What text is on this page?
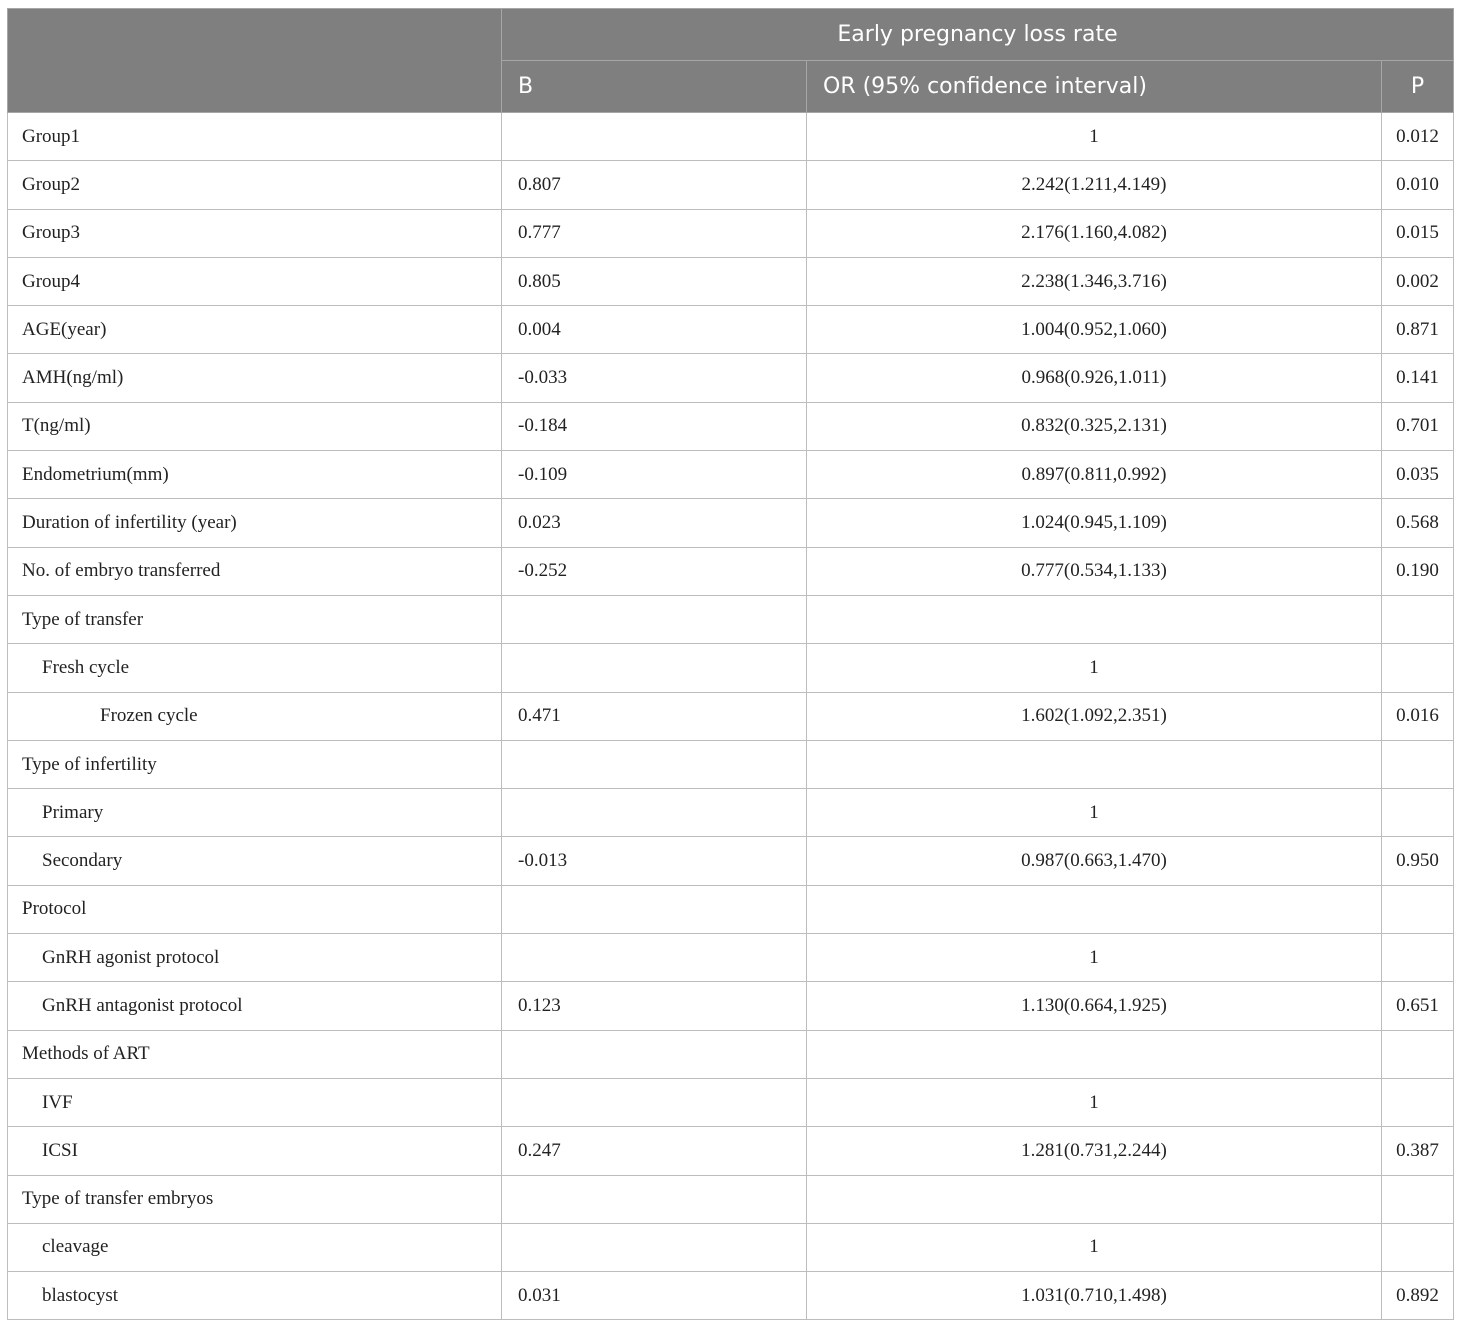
	Early pregnancy loss rate		
	B	OR (95% confidence interval)	P
Group1		1	0.012
Group2	0.807	2.242(1.211,4.149)	0.010
Group3	0.777	2.176(1.160,4.082)	0.015
Group4	0.805	2.238(1.346,3.716)	0.002
AGE(year)	0.004	1.004(0.952,1.060)	0.871
AMH(ng/ml)	-0.033	0.968(0.926,1.011)	0.141
T(ng/ml)	-0.184	0.832(0.325,2.131)	0.701
Endometrium(mm)	-0.109	0.897(0.811,0.992)	0.035
Duration of infertility (year)	0.023	1.024(0.945,1.109)	0.568
No. of embryo transferred	-0.252	0.777(0.534,1.133)	0.190
Type of transfer			
Fresh cycle		1	
Frozen cycle	0.471	1.602(1.092,2.351)	0.016
Type of infertility			
Primary		1	
Secondary	-0.013	0.987(0.663,1.470)	0.950
Protocol			
GnRH agonist protocol		1	
GnRH antagonist protocol	0.123	1.130(0.664,1.925)	0.651
Methods of ART			
IVF		1	
ICSI	0.247	1.281(0.731,2.244)	0.387
Type of transfer embryos			
cleavage		1	
blastocyst	0.031	1.031(0.710,1.498)	0.892
